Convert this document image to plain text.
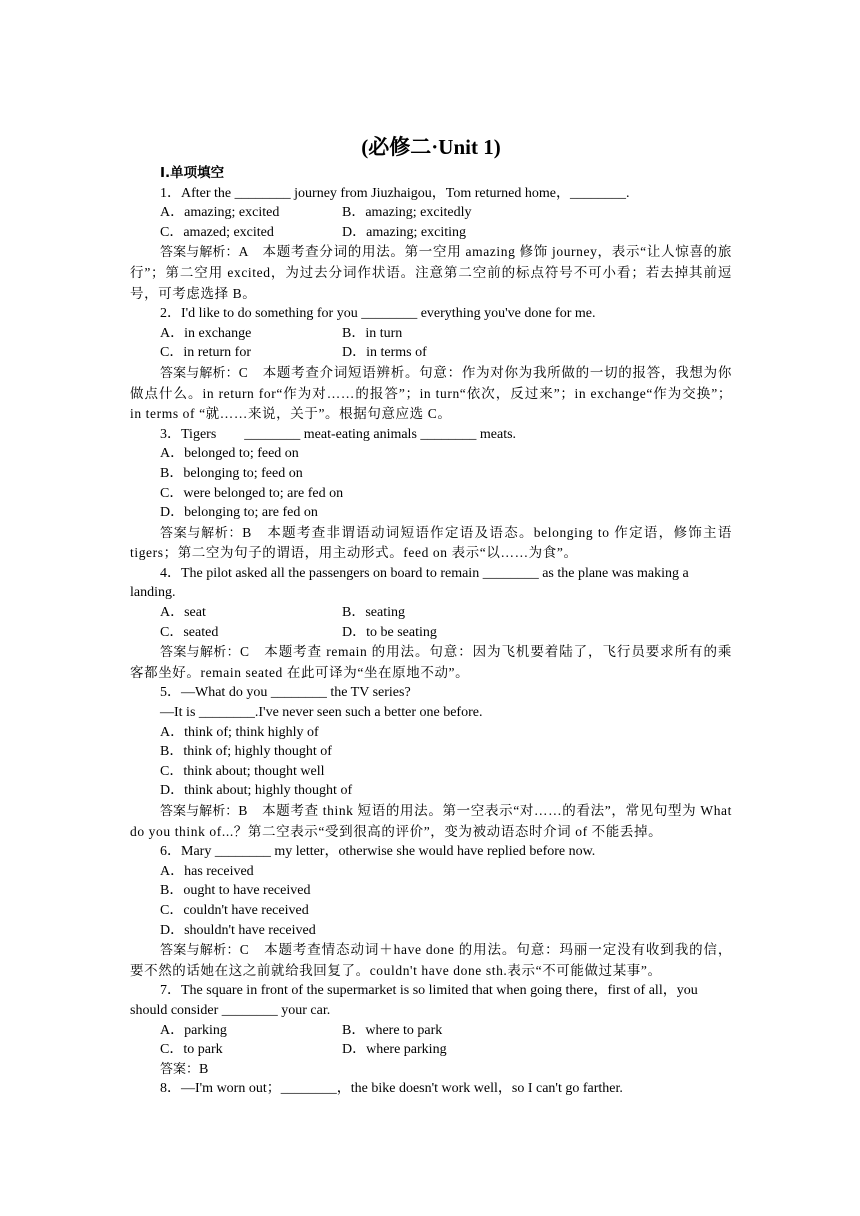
(必修二·Unit 1)
Ⅰ.单项填空
1．After the ________ journey from Jiuzhaigou，Tom returned home，________.
A．amazing; excited	B．amazing; excitedly
C．amazed; excited	D．amazing; exciting
答案与解析：A　本题考查分词的用法。第一空用 amazing 修饰 journey，表示“让人惊喜的旅行”；第二空用 excited，为过去分词作状语。注意第二空前的标点符号不可小看；若去掉其前逗号，可考虑选择 B。
2．I'd like to do something for you ________ everything you've done for me.
A．in exchange	B．in turn
C．in return for	D．in terms of
答案与解析：C　本题考查介词短语辨析。句意：作为对你为我所做的一切的报答，我想为你做点什么。in return for“作为对……的报答”；in turn“依次，反过来”；in exchange“作为交换”；in terms of “就……来说，关于”。根据句意应选 C。
3．Tigers　　________ meat-eating animals ________ meats.
A．belonged to; feed on
B．belonging to; feed on
C．were belonged to; are fed on
D．belonging to; are fed on
答案与解析：B　本题考查非谓语动词短语作定语及语态。belonging to 作定语，修饰主语 tigers；第二空为句子的谓语，用主动形式。feed on 表示“以……为食”。
4．The pilot asked all the passengers on board to remain ________ as the plane was making a landing.
A．seat	B．seating
C．seated	D．to be seating
答案与解析：C　本题考查 remain 的用法。句意：因为飞机要着陆了，飞行员要求所有的乘客都坐好。remain seated 在此可译为“坐在原地不动”。
5．—What do you ________ the TV series?
—It is ________.I've never seen such a better one before.
A．think of; think highly of
B．think of; highly thought of
C．think about; thought well
D．think about; highly thought of
答案与解析：B　本题考查 think 短语的用法。第一空表示“对……的看法”，常见句型为 What do you think of...？第二空表示“受到很高的评价”，变为被动语态时介词 of 不能丢掉。
6．Mary ________ my letter，otherwise she would have replied before now.
A．has received
B．ought to have received
C．couldn't have received
D．shouldn't have received
答案与解析：C　本题考查情态动词＋have done 的用法。句意：玛丽一定没有收到我的信，要不然的话她在这之前就给我回复了。couldn't have done sth.表示“不可能做过某事”。
7．The square in front of the supermarket is so limited that when going there，first of all，you should consider ________ your car.
A．parking	B．where to park
C．to park	D．where parking
答案：B
8．—I'm worn out；________，the bike doesn't work well，so I can't go farther.
